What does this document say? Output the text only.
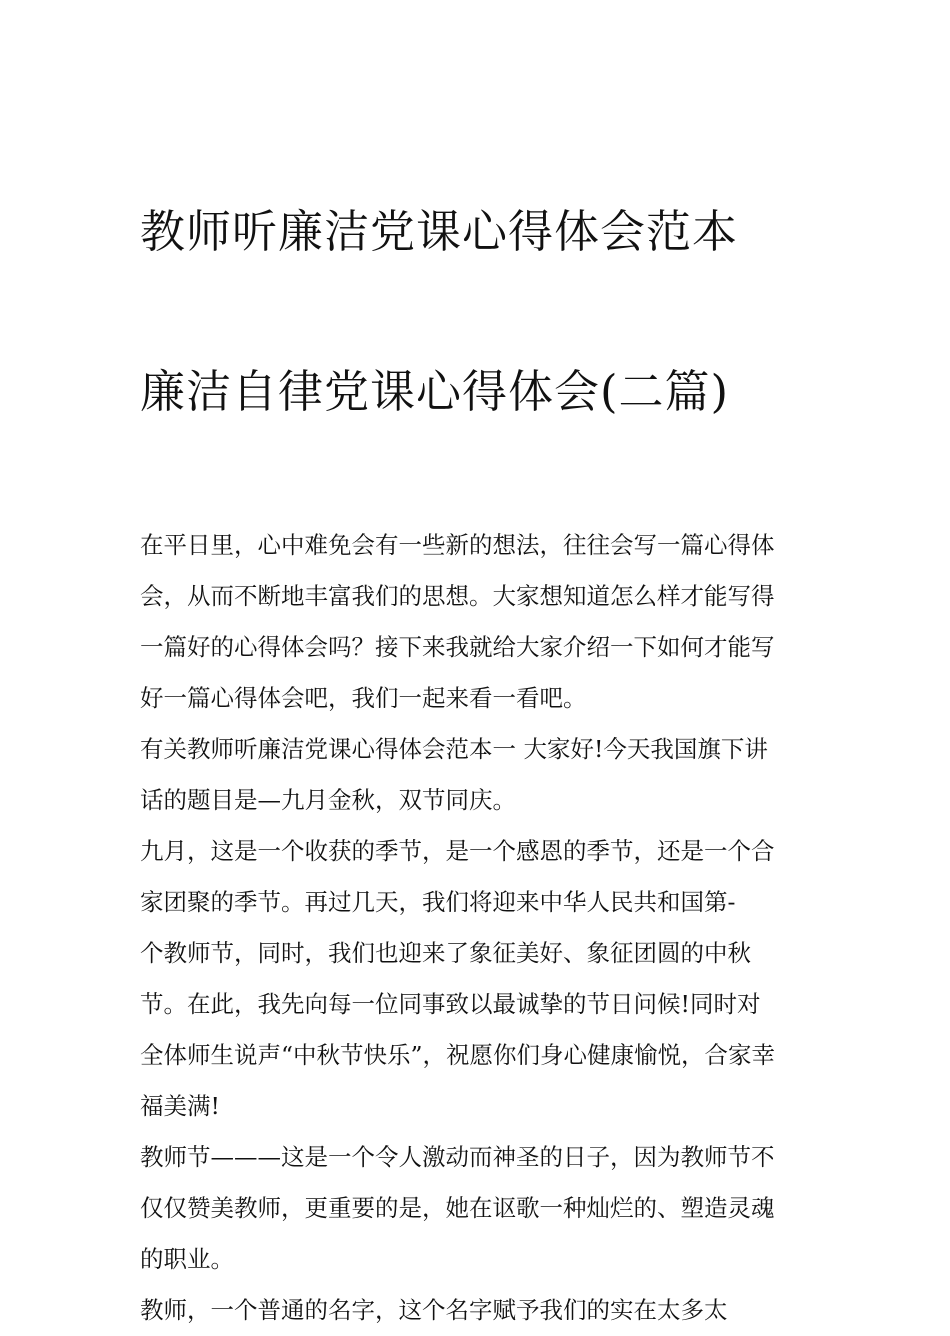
教师听廉洁党课心得体会范本

廉洁自律党课心得体会(二篇)

在平日里，心中难免会有一些新的想法，往往会写一篇心得体
会，从而不断地丰富我们的思想。大家想知道怎么样才能写得
一篇好的心得体会吗？接下来我就给大家介绍一下如何才能写
好一篇心得体会吧，我们一起来看一看吧。

有关教师听廉洁党课心得体会范本一 大家好!今天我国旗下讲
话的题目是—九月金秋，双节同庆。

九月，这是一个收获的季节，是一个感恩的季节，还是一个合
家团聚的季节。再过几天，我们将迎来中华人民共和国第-
个教师节，同时，我们也迎来了象征美好、象征团圆的中秋
节。在此，我先向每一位同事致以最诚挚的节日问候!同时对
全体师生说声“中秋节快乐”，祝愿你们身心健康愉悦，合家幸
福美满!

教师节———这是一个令人激动而神圣的日子，因为教师节不
仅仅赞美教师，更重要的是，她在讴歌一种灿烂的、塑造灵魂
的职业。

教师，一个普通的名字，这个名字赋予我们的实在太多太
